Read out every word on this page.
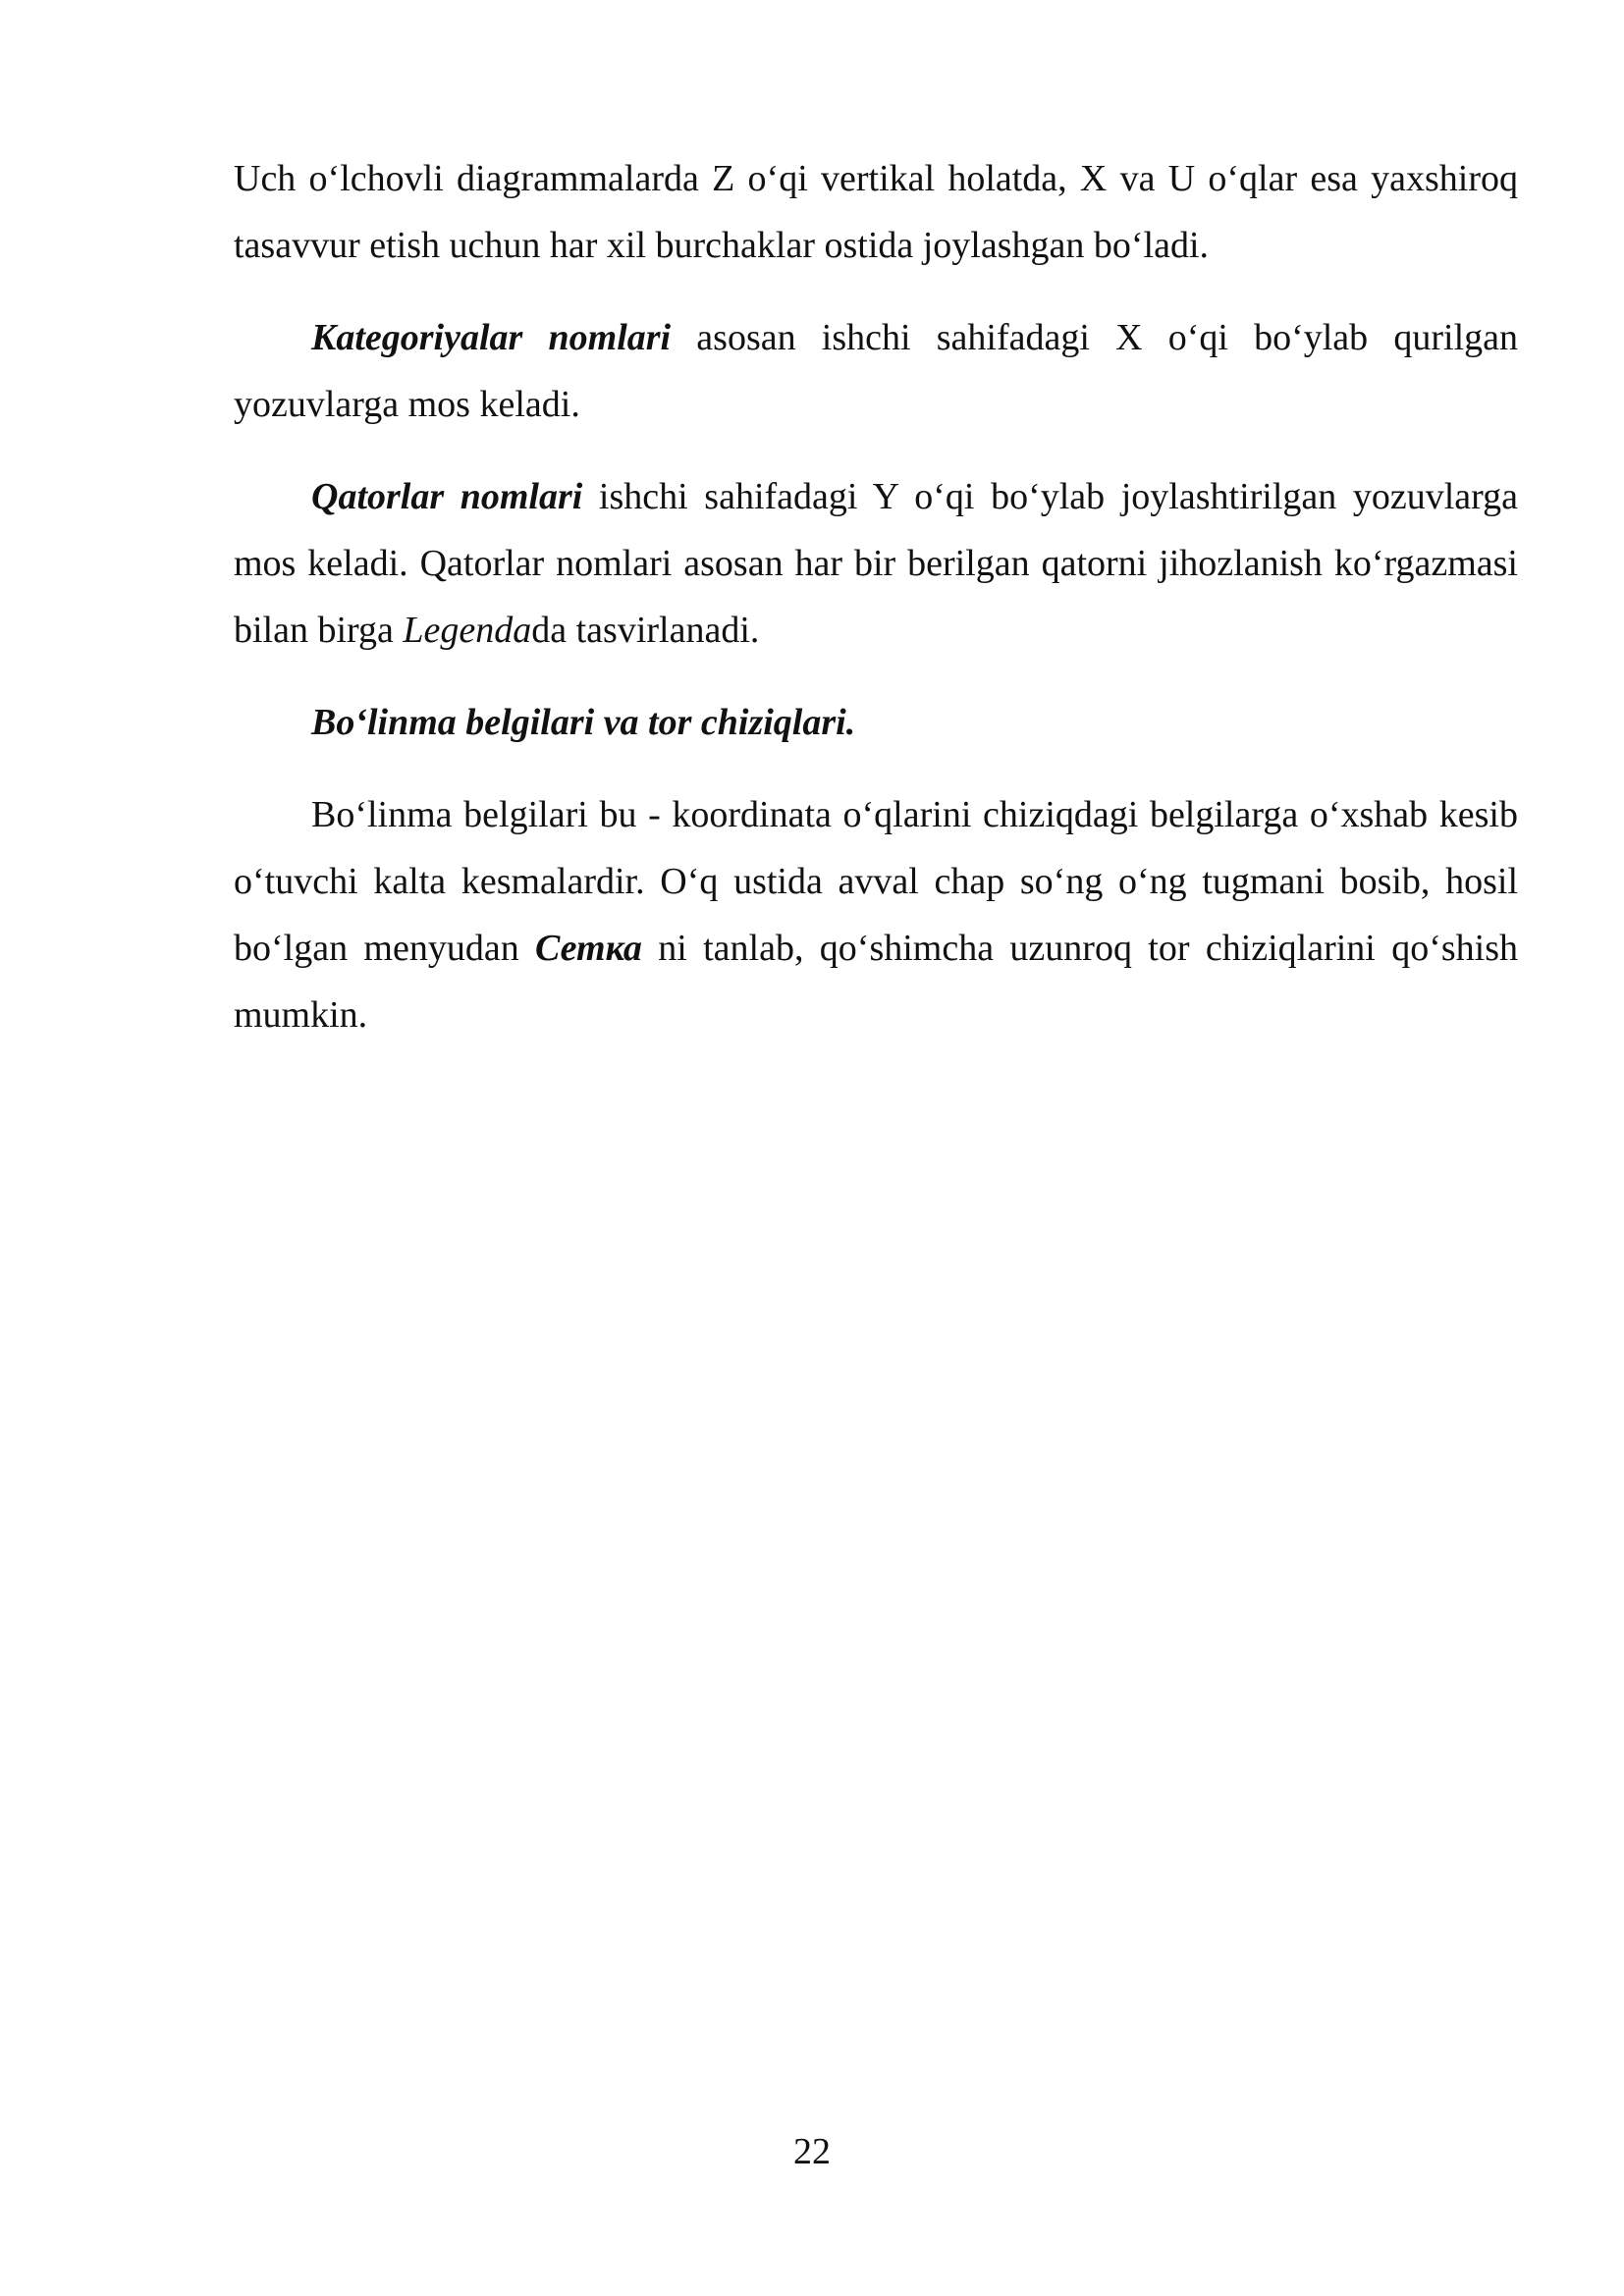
Uch o‘lchovli diagrammalarda Z o‘qi vertikal holatda, X va U o‘qlar esa yaxshiroq tasavvur etish uchun har xil burchaklar ostida joylashgan bo‘ladi.

Kategoriyalar nomlari asosan ishchi sahifadagi X o‘qi bo‘ylab qurilgan yozuvlarga mos keladi.

Qatorlar nomlari ishchi sahifadagi Y o‘qi bo‘ylab joylashtirilgan yozuvlarga mos keladi. Qatorlar nomlari asosan har bir berilgan qatorni jihozlanish ko‘rgazmasi bilan birga Legendada tasvirlanadi.

Bo‘linma belgilari va tor chiziqlari.

Bo‘linma belgilari bu - koordinata o‘qlarini chiziqdagi belgilarga o‘xshab kesib o‘tuvchi kalta kesmalardir. O‘q ustida avval chap so‘ng o‘ng tugmani bosib, hosil bo‘lgan menyudan Сетка ni tanlab, qo‘shimcha uzunroq tor chiziqlarini qo‘shish mumkin.

22
